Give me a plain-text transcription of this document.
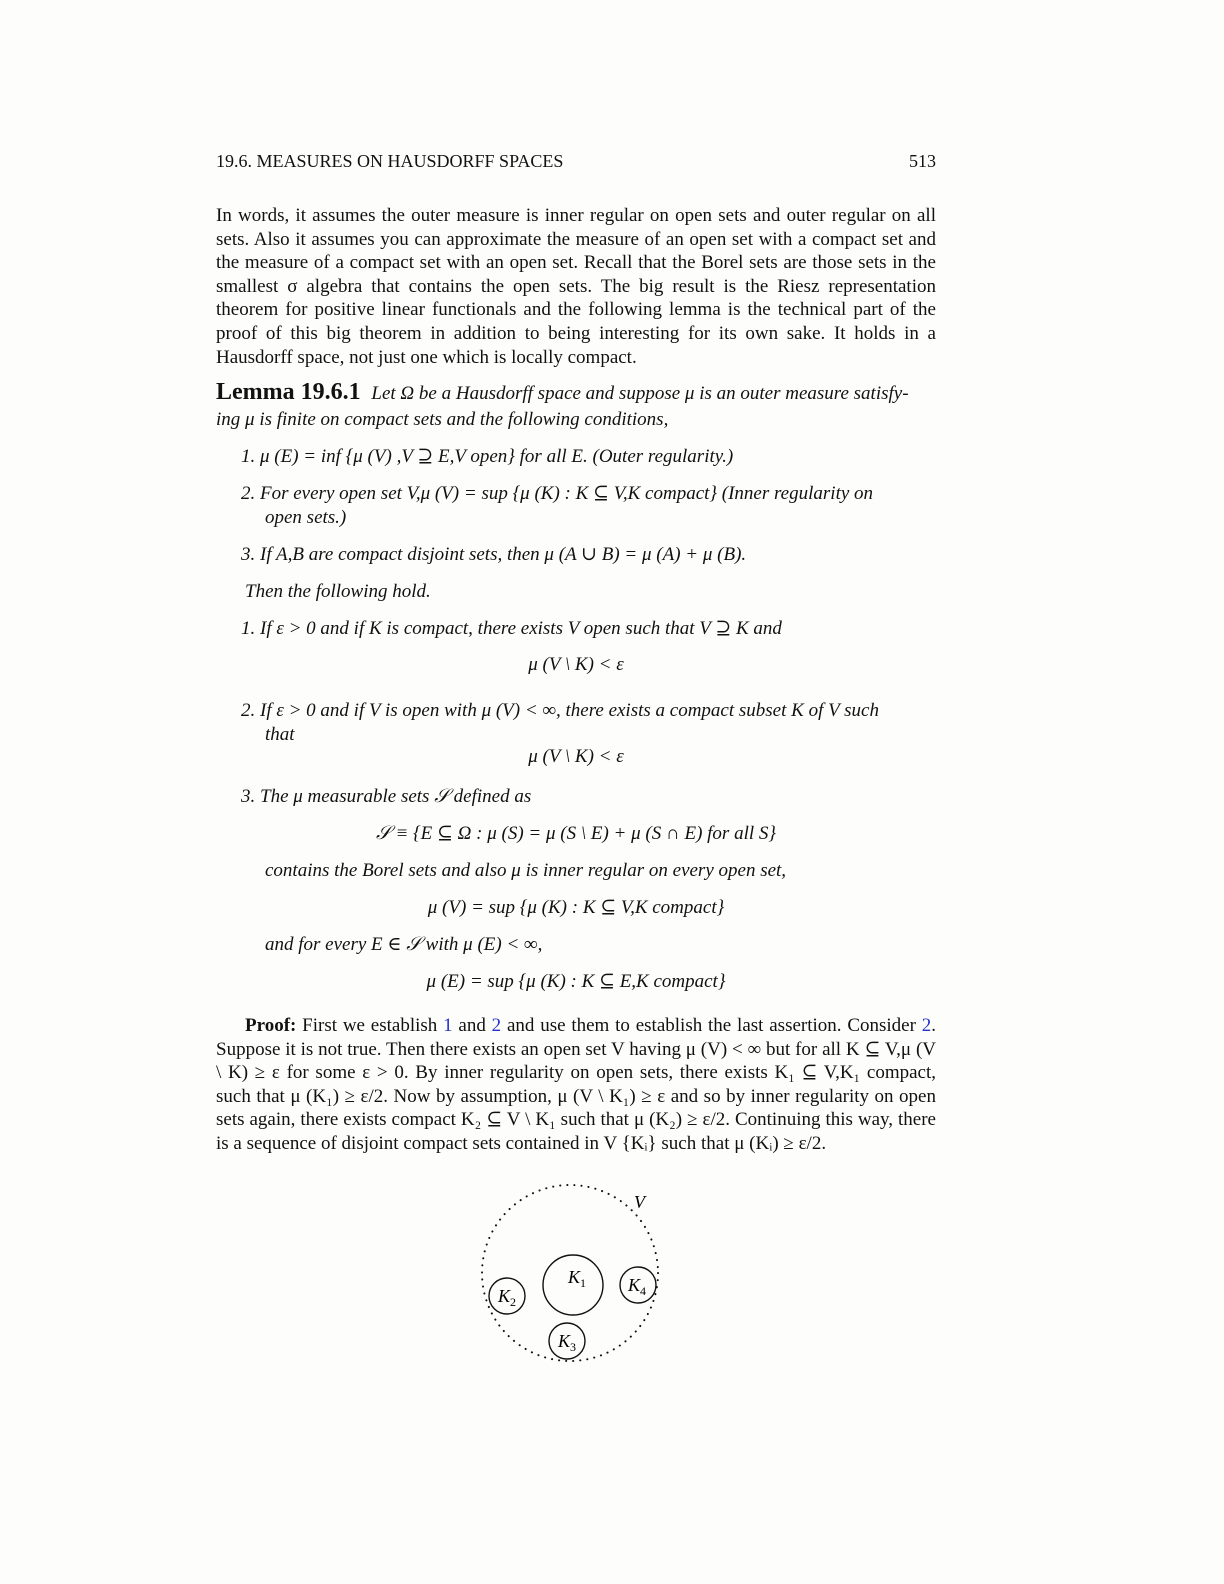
19.6. MEASURES ON HAUSDORFF SPACES	513
In words, it assumes the outer measure is inner regular on open sets and outer regular on all sets. Also it assumes you can approximate the measure of an open set with a compact set and the measure of a compact set with an open set. Recall that the Borel sets are those sets in the smallest σ algebra that contains the open sets. The big result is the Riesz representation theorem for positive linear functionals and the following lemma is the technical part of the proof of this big theorem in addition to being interesting for its own sake. It holds in a Hausdorff space, not just one which is locally compact.
Lemma 19.6.1 Let Ω be a Hausdorff space and suppose μ is an outer measure satisfy-
ing μ is finite on compact sets and the following conditions,
1. μ (E) = inf {μ (V) ,V ⊇ E,V open} for all E. (Outer regularity.)
2. For every open set V,μ (V) = sup {μ (K) : K ⊆ V,K compact} (Inner regularity on
open sets.)
3. If A,B are compact disjoint sets, then μ (A ∪ B) = μ (A) + μ (B).
Then the following hold.
1. If ε > 0 and if K is compact, there exists V open such that V ⊇ K and
μ (V \ K) < ε
2. If ε > 0 and if V is open with μ (V) < ∞, there exists a compact subset K of V such
that
μ (V \ K) < ε
3. The μ measurable sets 𝒮 defined as
𝒮 ≡ {E ⊆ Ω : μ (S) = μ (S \ E) + μ (S ∩ E) for all S}
contains the Borel sets and also μ is inner regular on every open set,
μ (V) = sup {μ (K) : K ⊆ V,K compact}
and for every E ∈ 𝒮 with μ (E) < ∞,
μ (E) = sup {μ (K) : K ⊆ E,K compact}
Proof: First we establish 1 and 2 and use them to establish the last assertion. Consider 2. Suppose it is not true. Then there exists an open set V having μ (V) < ∞ but for all K ⊆ V,μ (V \ K) ≥ ε for some ε > 0. By inner regularity on open sets, there exists K₁ ⊆ V,K₁ compact, such that μ (K₁) ≥ ε/2. Now by assumption, μ (V \ K₁) ≥ ε and so by inner regularity on open sets again, there exists compact K₂ ⊆ V \ K₁ such that μ (K₂) ≥ ε/2. Continuing this way, there is a sequence of disjoint compact sets contained in V {Kᵢ} such that μ (Kᵢ) ≥ ε/2.
V
$K_1$
$K_2$
$K_3$
$K_4$
